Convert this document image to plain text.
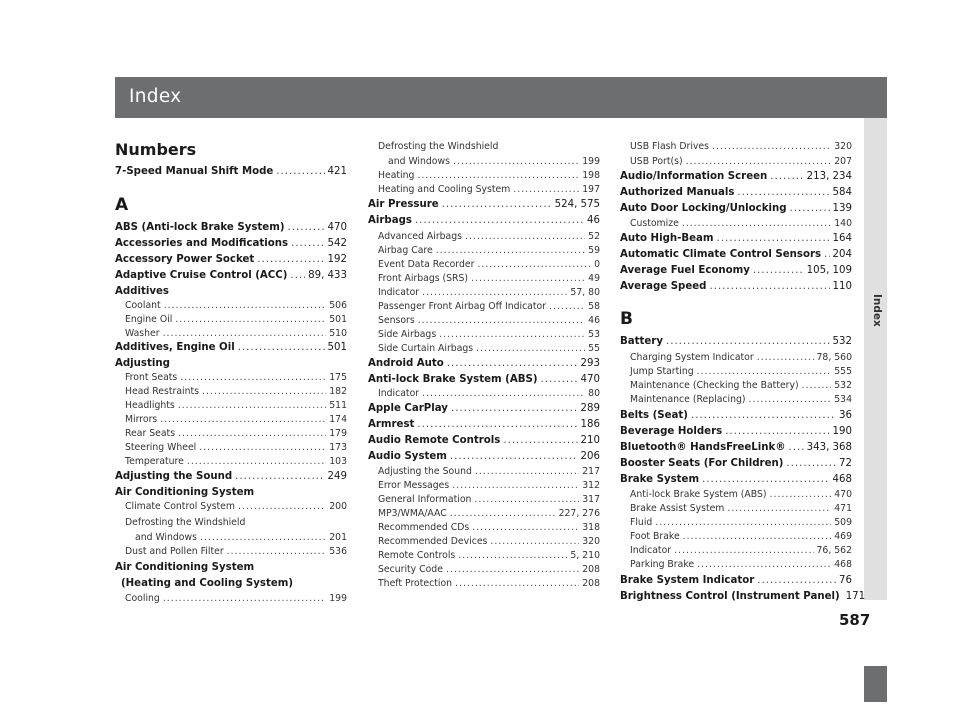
Index
Index
587
Numbers
7-Speed Manual Shift Mode .....	421
A
ABS (Anti-lock Brake System) .....	470
Accessories and Modifications .....	542
Accessory Power Socket .....	192
Adaptive Cruise Control (ACC) ..... 89, 433
Additives
Coolant .....	506
Engine Oil .....	501
Washer .....	510
Additives, Engine Oil .....	501
Adjusting
Front Seats .....	175
Head Restraints .....	182
Headlights .....	511
Mirrors .....	174
Rear Seats .....	179
Steering Wheel .....	173
Temperature .....	103
Adjusting the Sound .....	249
Air Conditioning System
Climate Control System .....	200
Defrosting the Windshield
and Windows .....	201
Dust and Pollen Filter .....	536
Air Conditioning System
(Heating and Cooling System)
Cooling .....	199
Defrosting the Windshield
and Windows .....	199
Heating .....	198
Heating and Cooling System .....	197
Air Pressure .....	524, 575
Airbags .....	46
Advanced Airbags .....	52
Airbag Care .....	59
Event Data Recorder .....	0
Front Airbags (SRS) .....	49
Indicator .....	57, 80
Passenger Front Airbag Off Indicator .....	58
Sensors .....	46
Side Airbags .....	53
Side Curtain Airbags .....	55
Android Auto .....	293
Anti-lock Brake System (ABS) .....	470
Indicator .....	80
Apple CarPlay .....	289
Armrest .....	186
Audio Remote Controls .....	210
Audio System .....	206
Adjusting the Sound .....	217
Error Messages .....	312
General Information .....	317
MP3/WMA/AAC .....	227, 276
Recommended CDs .....	318
Recommended Devices .....	320
Remote Controls .....	5, 210
Security Code .....	208
Theft Protection .....	208
USB Flash Drives .....	320
USB Port(s) .....	207
Audio/Information Screen .....	213, 234
Authorized Manuals .....	584
Auto Door Locking/Unlocking .....	139
Customize .....	140
Auto High-Beam .....	164
Automatic Climate Control Sensors ..... 204
Average Fuel Economy .....	105, 109
Average Speed .....	110
B
Battery .....	532
Charging System Indicator .....	78, 560
Jump Starting .....	555
Maintenance (Checking the Battery) .....	532
Maintenance (Replacing) .....	534
Belts (Seat) .....	36
Beverage Holders .....	190
Bluetooth® HandsFreeLink® ..... 343, 368
Booster Seats (For Children) .....	72
Brake System .....	468
Anti-lock Brake System (ABS) .....	470
Brake Assist System .....	471
Fluid .....	509
Foot Brake .....	469
Indicator .....	76, 562
Parking Brake .....	468
Brake System Indicator .....	76
Brightness Control (Instrument Panel) 171
